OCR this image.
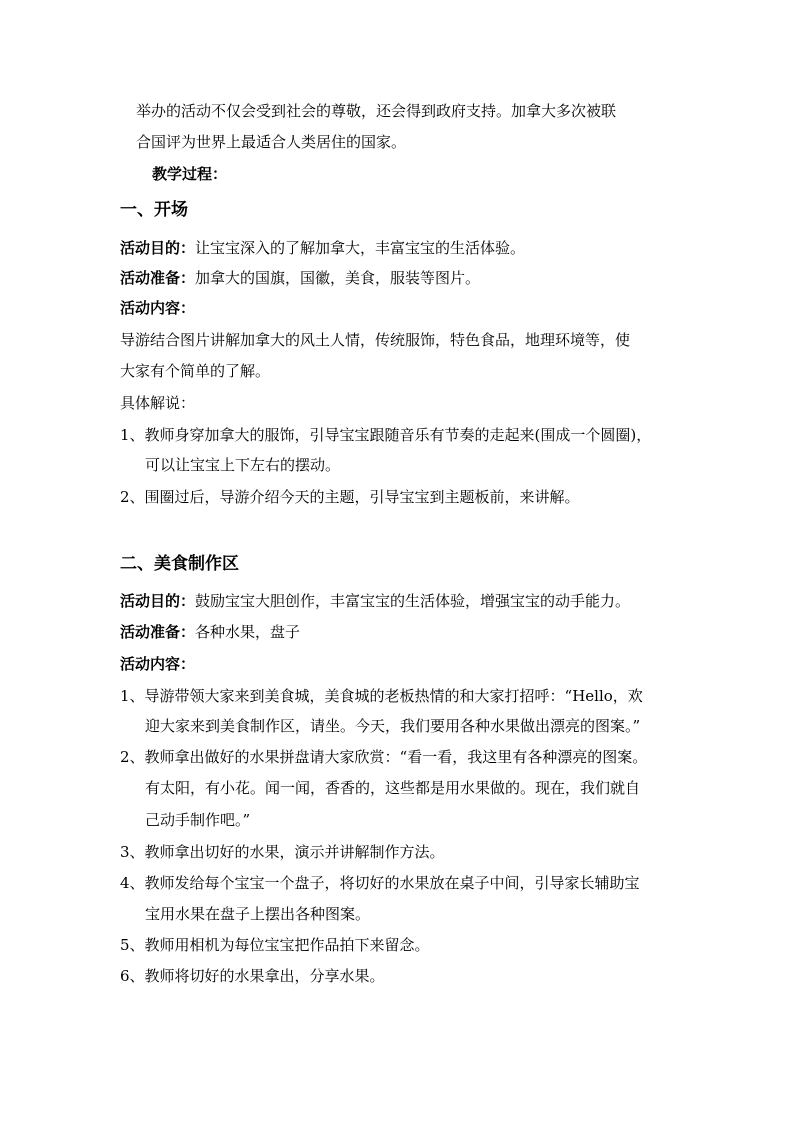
举办的活动不仅会受到社会的尊敬，还会得到政府支持。加拿大多次被联
合国评为世界上最适合人类居住的国家。
教学过程：
一、开场
活动目的：让宝宝深入的了解加拿大，丰富宝宝的生活体验。
活动准备：加拿大的国旗，国徽，美食，服装等图片。
活动内容：
导游结合图片讲解加拿大的风土人情，传统服饰，特色食品，地理环境等，使
大家有个简单的了解。
具体解说：
1、教师身穿加拿大的服饰，引导宝宝跟随音乐有节奏的走起来(围成一个圆圈)，
可以让宝宝上下左右的摆动。
2、围圈过后，导游介绍今天的主题，引导宝宝到主题板前，来讲解。
二、美食制作区
活动目的：鼓励宝宝大胆创作，丰富宝宝的生活体验，增强宝宝的动手能力。
活动准备：各种水果，盘子
活动内容：
1、导游带领大家来到美食城，美食城的老板热情的和大家打招呼：“Hello，欢
迎大家来到美食制作区，请坐。今天，我们要用各种水果做出漂亮的图案。”
2、教师拿出做好的水果拼盘请大家欣赏：“看一看，我这里有各种漂亮的图案。
有太阳，有小花。闻一闻，香香的，这些都是用水果做的。现在，我们就自
己动手制作吧。”
3、教师拿出切好的水果，演示并讲解制作方法。
4、教师发给每个宝宝一个盘子，将切好的水果放在桌子中间，引导家长辅助宝
宝用水果在盘子上摆出各种图案。
5、教师用相机为每位宝宝把作品拍下来留念。
6、教师将切好的水果拿出，分享水果。
